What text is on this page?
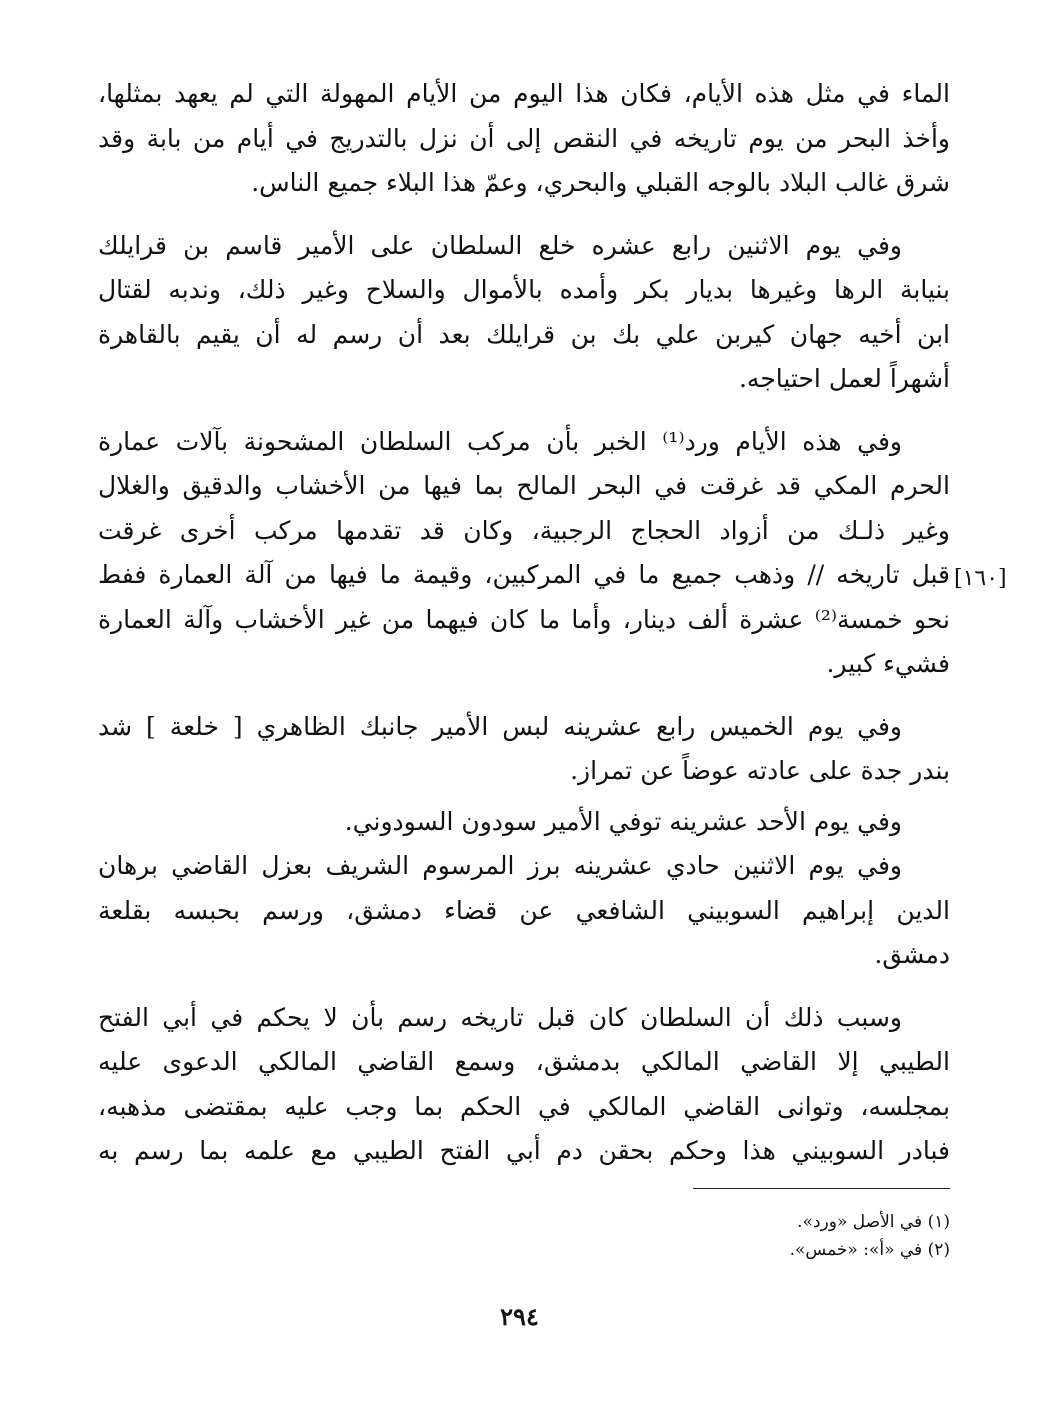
الماء في مثل هذه الأيام، فكان هذا اليوم من الأيام المهولة التي لم يعهد بمثلها،
وأخذ البحر من يوم تاريخه في النقص إلى أن نزل بالتدريج في أيام من بابة وقد
شرق غالب البلاد بالوجه القبلي والبحري، وعمّ هذا البلاء جميع الناس.

وفي يوم الاثنين رابع عشره خلع السلطان على الأمير قاسم بن قرايلك
بنيابة الرها وغيرها بديار بكر وأمده بالأموال والسلاح وغير ذلك، وندبه لقتال
ابن أخيه جهان كيربن علي بك بن قرايلك بعد أن رسم له أن يقيم بالقاهرة
أشهراً لعمل احتياجه.

وفي هذه الأيام ورد⁽¹⁾ الخبر بأن مركب السلطان المشحونة بآلات عمارة
الحرم المكي قد غرقت في البحر المالح بما فيها من الأخشاب والدقيق والغلال
وغير ذلـك من أزواد الحجاج الرجبية، وكان قد تقدمها مركب أخرى غرقت
قبل تاريخه // وذهب جميع ما في المركبين، وقيمة ما فيها من آلة العمارة ففط
نحو خمسة⁽²⁾ عشرة ألف دينار، وأما ما كان فيهما من غير الأخشاب وآلة العمارة
فشيء كبير.

وفي يوم الخميس رابع عشرينه لبس الأمير جانبك الظاهري [ خلعة ] شد
بندر جدة على عادته عوضاً عن تمراز.

وفي يوم الأحد عشرينه توفي الأمير سودون السودوني.

وفي يوم الاثنين حادي عشرينه برز المرسوم الشريف بعزل القاضي برهان
الدين إبراهيم السوبيني الشافعي عن قضاء دمشق، ورسم بحبسه بقلعة
دمشق.

وسبب ذلك أن السلطان كان قبل تاريخه رسم بأن لا يحكم في أبي الفتح
الطيبي إلا القاضي المالكي بدمشق، وسمع القاضي المالكي الدعوى عليه
بمجلسه، وتوانى القاضي المالكي في الحكم بما وجب عليه بمقتضى مذهبه،
فبادر السوبيني هذا وحكم بحقن دم أبي الفتح الطيبي مع علمه بما رسم به

[١٦٠]
(١) في الأصل «ورد».
(٢) في «أ»: «خمس».
٢٩٤
